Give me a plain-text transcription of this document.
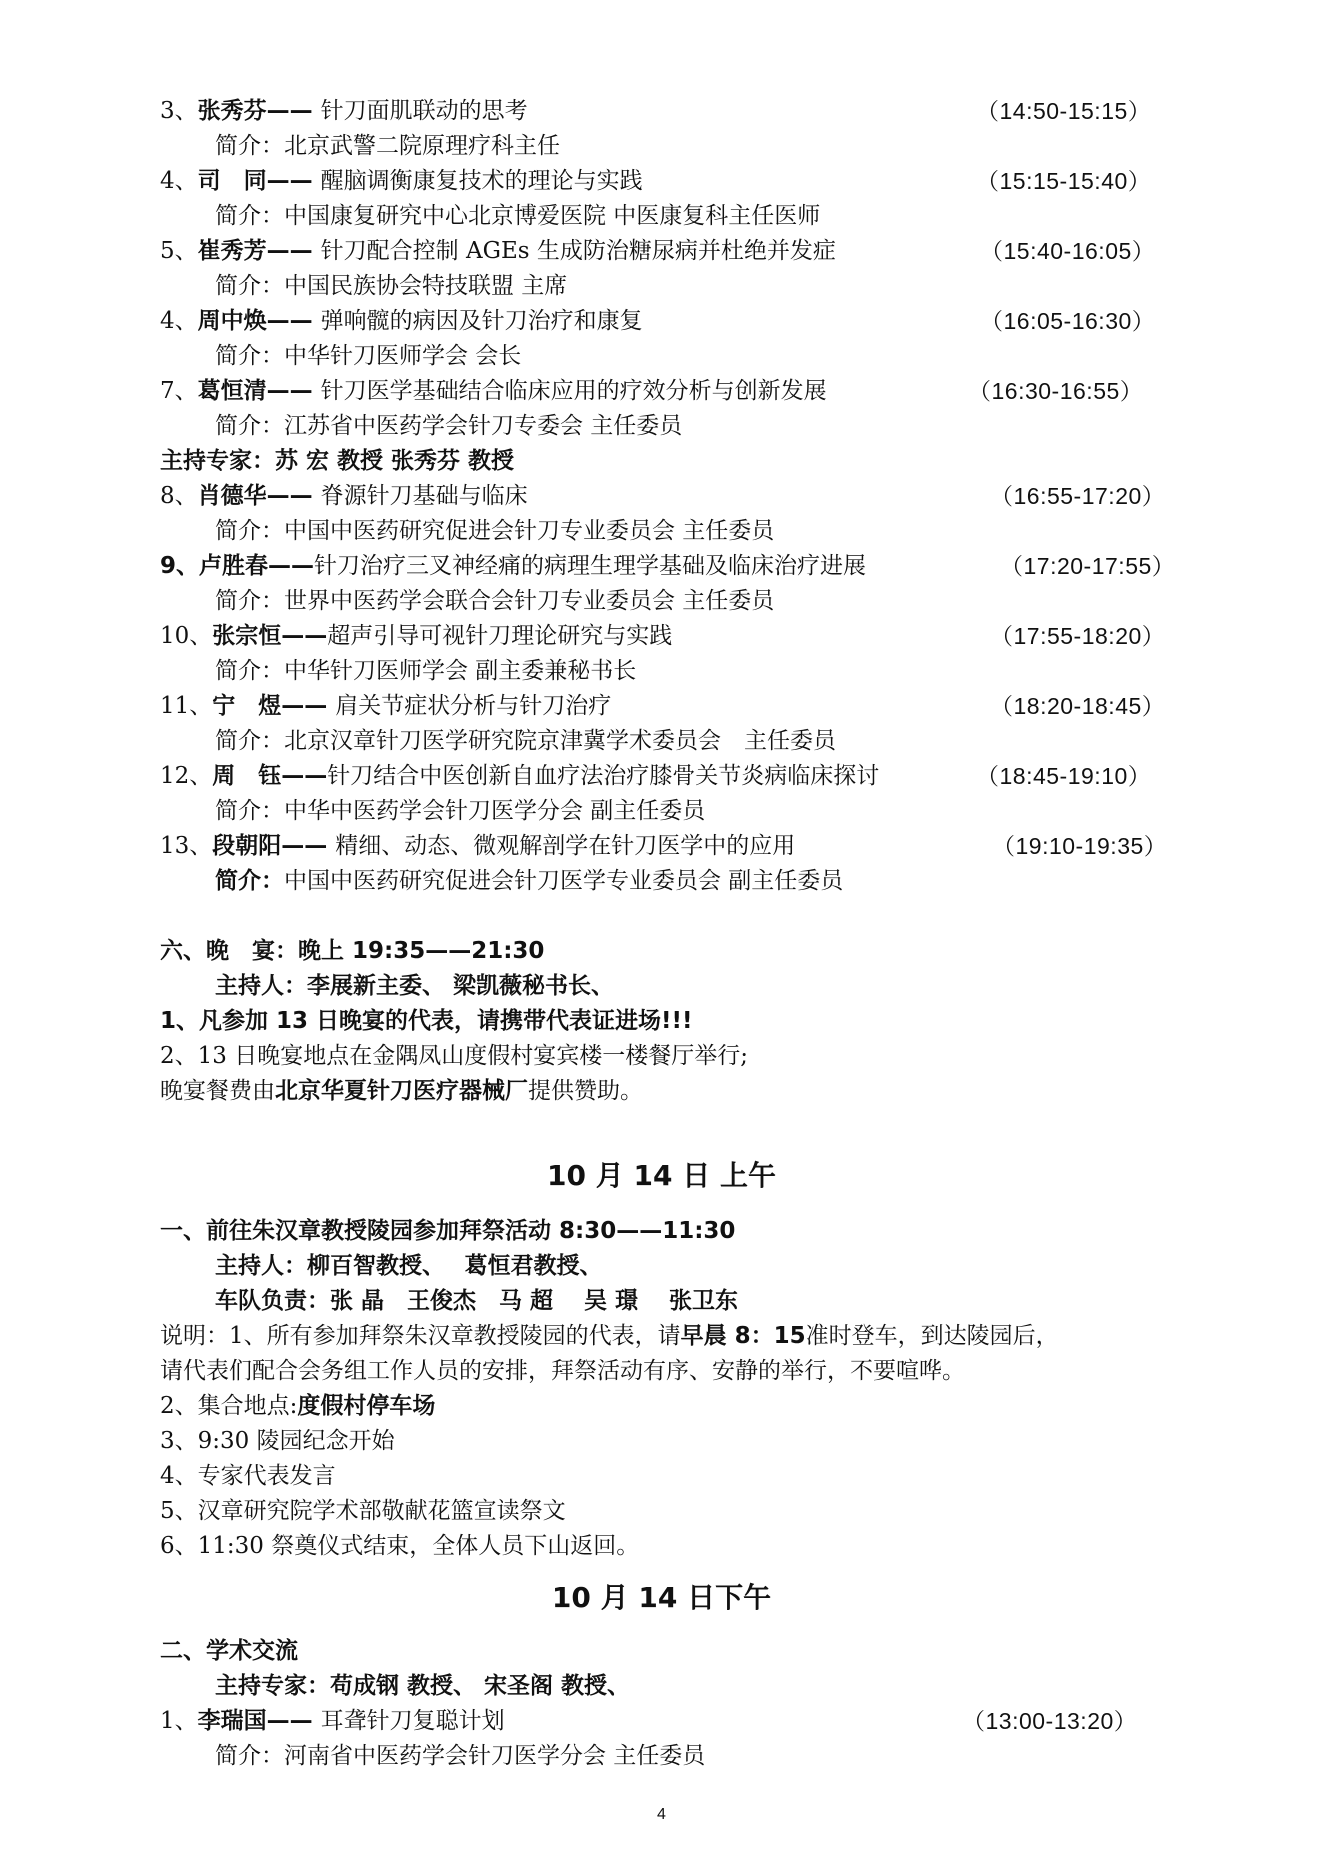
3、张秀芬—— 针刀面肌联动的思考	（14:50-15:15）
简介：北京武警二院原理疗科主任
4、司　同—— 醒脑调衡康复技术的理论与实践	（15:15-15:40）
简介：中国康复研究中心北京博爱医院 中医康复科主任医师
5、崔秀芳—— 针刀配合控制 AGEs 生成防治糖尿病并杜绝并发症	（15:40-16:05）
简介：中国民族协会特技联盟 主席
4、周中焕—— 弹响髋的病因及针刀治疗和康复	（16:05-16:30）
简介：中华针刀医师学会 会长
7、葛恒清—— 针刀医学基础结合临床应用的疗效分析与创新发展	（16:30-16:55）
简介：江苏省中医药学会针刀专委会 主任委员
主持专家：苏 宏 教授 张秀芬 教授
8、肖德华—— 脊源针刀基础与临床	（16:55-17:20）
简介：中国中医药研究促进会针刀专业委员会 主任委员
9、卢胜春——针刀治疗三叉神经痛的病理生理学基础及临床治疗进展	（17:20-17:55）
简介：世界中医药学会联合会针刀专业委员会 主任委员
10、张宗恒——超声引导可视针刀理论研究与实践	（17:55-18:20）
简介：中华针刀医师学会 副主委兼秘书长
11、宁　煜—— 肩关节症状分析与针刀治疗	（18:20-18:45）
简介：北京汉章针刀医学研究院京津冀学术委员会　主任委员
12、周　钰——针刀结合中医创新自血疗法治疗膝骨关节炎病临床探讨	（18:45-19:10）
简介：中华中医药学会针刀医学分会 副主任委员
13、段朝阳—— 精细、动态、微观解剖学在针刀医学中的应用	（19:10-19:35）
简介：中国中医药研究促进会针刀医学专业委员会 副主任委员
六、晚　宴：晚上 19:35——21:30
主持人：李展新主委、 梁凯薇秘书长、
1、凡参加 13 日晚宴的代表，请携带代表证进场!!!
2、13 日晚宴地点在金隅凤山度假村宴宾楼一楼餐厅举行;
晚宴餐费由北京华夏针刀医疗器械厂提供赞助。
10 月 14 日 上午
一、前往朱汉章教授陵园参加拜祭活动 8:30——11:30
主持人：柳百智教授、　 葛恒君教授、
车队负责：张 晶　王俊杰　马 超　 吴 璟　 张卫东
说明：1、所有参加拜祭朱汉章教授陵园的代表，请早晨 8：15准时登车，到达陵园后，
请代表们配合会务组工作人员的安排，拜祭活动有序、安静的举行，不要喧哗。
2、集合地点:度假村停车场
3、9:30 陵园纪念开始
4、专家代表发言
5、汉章研究院学术部敬献花篮宣读祭文
6、11:30 祭奠仪式结束，全体人员下山返回。
10 月 14 日下午
二、学术交流
主持专家：苟成钢 教授、 宋圣阁 教授、
1、李瑞国—— 耳聋针刀复聪计划	（13:00-13:20）
简介：河南省中医药学会针刀医学分会 主任委员
4
